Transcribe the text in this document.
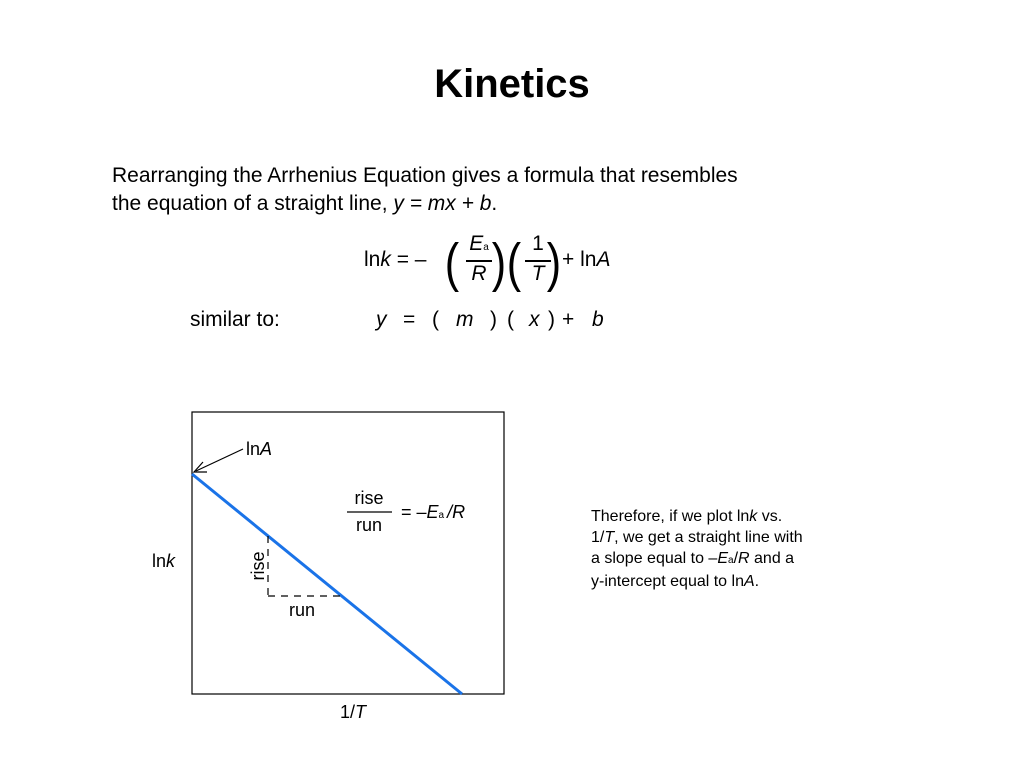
Kinetics
Rearranging the Arrhenius Equation gives a formula that resembles
the equation of a straight line, y = mx + b.
lnk = – ( Ea
R ) ( 1
T ) + lnA
similar to:	y = ( m ) ( x ) + b
lnA
lnk
1/T
rise
run
rise
run
= –Ea /R	Therefore, if we plot lnk vs.
1/T, we get a straight line with
a slope equal to –Ea/R and a
y-intercept equal to lnA.
